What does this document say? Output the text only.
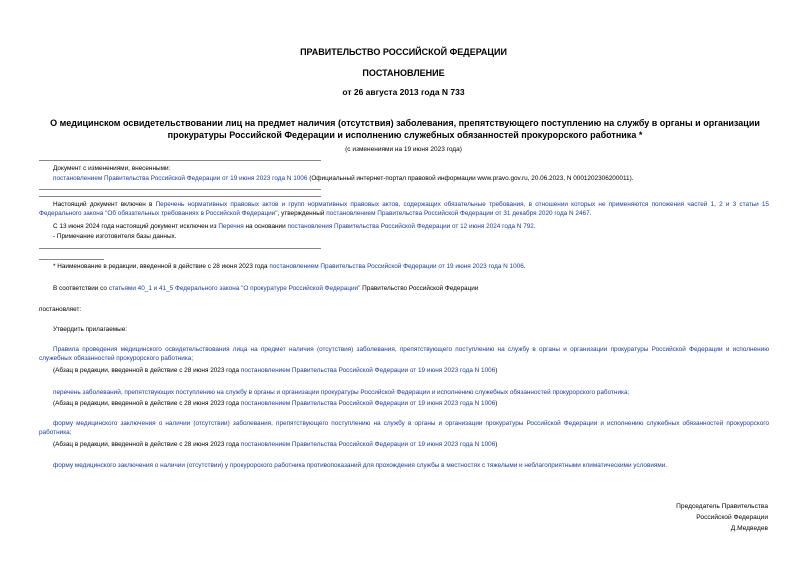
ПРАВИТЕЛЬСТВО РОССИЙСКОЙ ФЕДЕРАЦИИ
ПОСТАНОВЛЕНИЕ
от 26 августа 2013 года N 733
О медицинском освидетельствовании лиц на предмет наличия (отсутствия) заболевания, препятствующего поступлению на службу в органы и организации прокуратуры Российской Федерации и исполнению служебных обязанностей прокурорского работника *
(с изменениями на 19 июня 2023 года)
Документ с изменениями, внесенными:
постановлением Правительства Российской Федерации от 19 июня 2023 года N 1006 (Официальный интернет-портал правовой информации www.pravo.gov.ru, 20.06.2023, N 0001202306200011).
Настоящий документ включен в Перечень нормативных правовых актов и групп нормативных правовых актов, содержащих обязательные требования, в отношении которых не применяются положения частей 1, 2 и 3 статьи 15 Федерального закона "Об обязательных требованиях в Российской Федерации", утвержденный постановлением Правительства Российской Федерации от 31 декабря 2020 года N 2467.
С 13 июня 2024 года настоящий документ исключен из Перечня на основании постановления Правительства Российской Федерации от 12 июня 2024 года N 792.
- Примечание изготовителя базы данных.
* Наименование в редакции, введенной в действие с 28 июня 2023 года постановлением Правительства Российской Федерации от 19 июня 2023 года N 1006.
В соответствии со статьями 40_1 и 41_5 Федерального закона "О прокуратуре Российской Федерации" Правительство Российской Федерации
постановляет:
Утвердить прилагаемые:
Правила проведения медицинского освидетельствования лица на предмет наличия (отсутствия) заболевания, препятствующего поступлению на службу в органы и организации прокуратуры Российской Федерации и исполнению служебных обязанностей прокурорского работника;
(Абзац в редакции, введенной в действие с 28 июня 2023 года постановлением Правительства Российской Федерации от 19 июня 2023 года N 1006)
перечень заболеваний, препятствующих поступлению на службу в органы и организации прокуратуры Российской Федерации и исполнению служебных обязанностей прокурорского работника;
(Абзац в редакции, введенной в действие с 28 июня 2023 года постановлением Правительства Российской Федерации от 19 июня 2023 года N 1006)
форму медицинского заключения о наличии (отсутствии) заболевания, препятствующего поступлению на службу в органы и организации прокуратуры Российской Федерации и исполнению служебных обязанностей прокурорского работника;
(Абзац в редакции, введенной в действие с 28 июня 2023 года постановлением Правительства Российской Федерации от 19 июня 2023 года N 1006)
форму медицинского заключения о наличии (отсутствии) у прокурорского работника противопоказаний для прохождения службы в местностях с тяжелыми и неблагоприятными климатическими условиями.
Председатель Правительства
Российской Федерации
Д.Медведев
